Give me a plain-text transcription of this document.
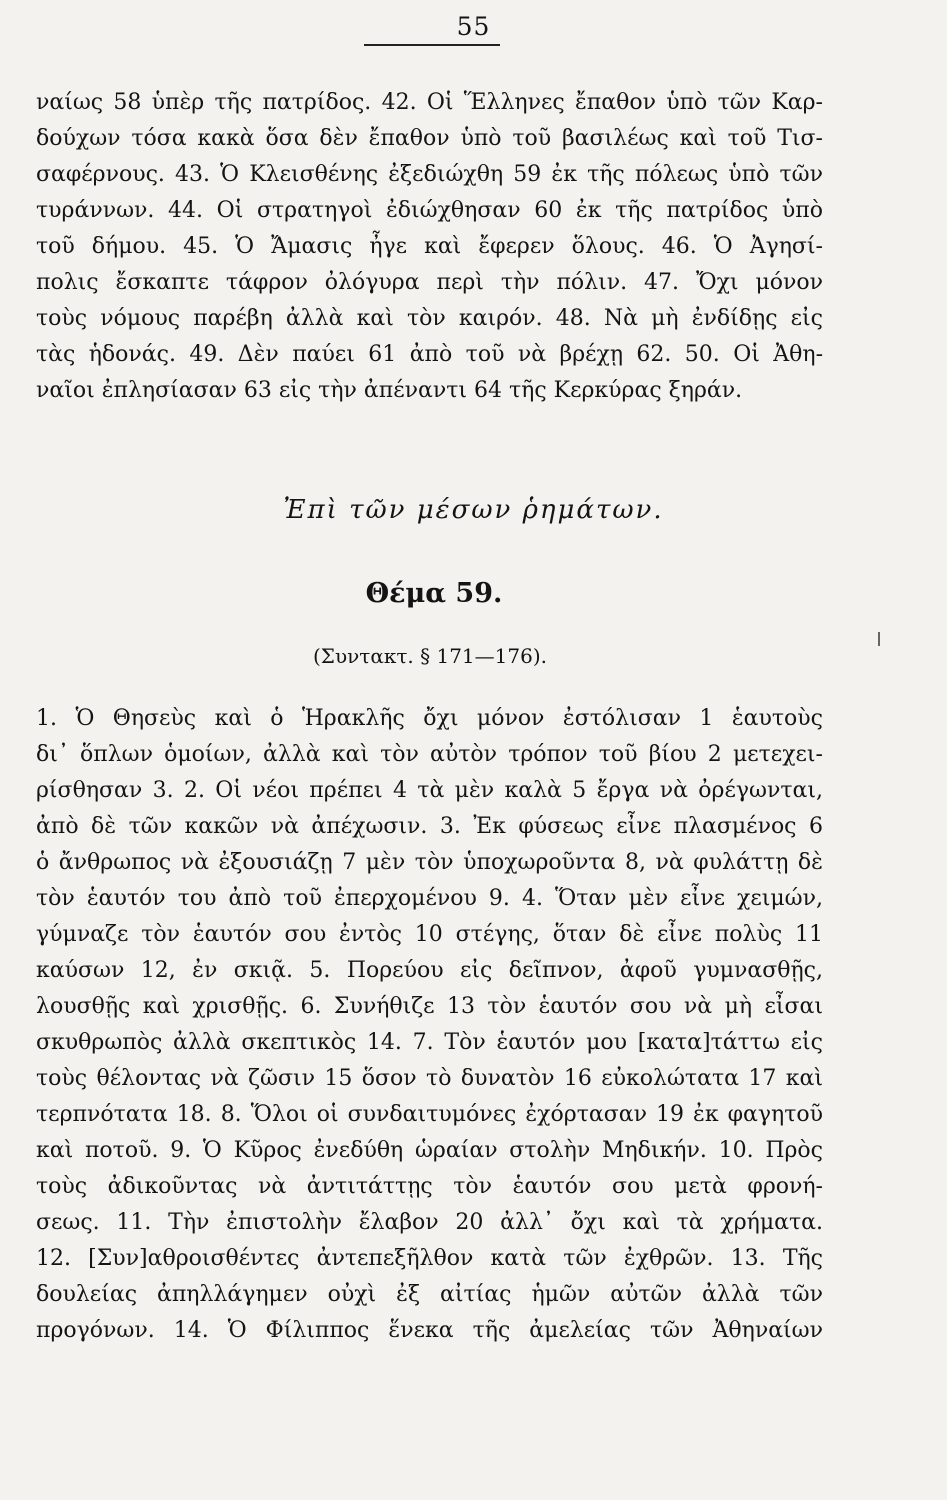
55
ναίως 58 ὑπὲρ τῆς πατρίδος. 42. Οἱ Ἕλληνες ἔπαθον ὑπὸ τῶν Καρ-
δούχων τόσα κακὰ ὅσα δὲν ἔπαθον ὑπὸ τοῦ βασιλέως καὶ τοῦ Τισ-
σαφέρνους. 43. Ὁ Κλεισθένης ἐξεδιώχθη 59 ἐκ τῆς πόλεως ὑπὸ τῶν
τυράννων. 44. Οἱ στρατηγοὶ ἐδιώχθησαν 60 ἐκ τῆς πατρίδος ὑπὸ
τοῦ δήμου. 45. Ὁ Ἄμασις ἦγε καὶ ἔφερεν ὅλους. 46. Ὁ Ἀγησί-
πολις ἔσκαπτε τάφρον ὀλόγυρα περὶ τὴν πόλιν. 47. Ὄχι μόνον
τοὺς νόμους παρέβη ἀλλὰ καὶ τὸν καιρόν. 48. Νὰ μὴ ἐνδίδῃς εἰς
τὰς ἡδονάς. 49. Δὲν παύει 61 ἀπὸ τοῦ νὰ βρέχῃ 62. 50. Οἱ Ἀθη-
ναῖοι ἐπλησίασαν 63 εἰς τὴν ἀπέναντι 64 τῆς Κερκύρας ξηράν.
Ἐπὶ τῶν μέσων ῥημάτων.
Θέμα 59.
(Συντακτ. § 171—176).
1. Ὁ Θησεὺς καὶ ὁ Ἡρακλῆς ὄχι μόνον ἐστόλισαν 1 ἑαυτοὺς
δι᾽ ὅπλων ὁμοίων, ἀλλὰ καὶ τὸν αὐτὸν τρόπον τοῦ βίου 2 μετεχει-
ρίσθησαν 3. 2. Οἱ νέοι πρέπει 4 τὰ μὲν καλὰ 5 ἔργα νὰ ὀρέγωνται,
ἀπὸ δὲ τῶν κακῶν νὰ ἀπέχωσιν. 3. Ἐκ φύσεως εἶνε πλασμένος 6
ὁ ἄνθρωπος νὰ ἐξουσιάζῃ 7 μὲν τὸν ὑποχωροῦντα 8, νὰ φυλάττῃ δὲ
τὸν ἑαυτόν του ἀπὸ τοῦ ἐπερχομένου 9. 4. Ὅταν μὲν εἶνε χειμών,
γύμναζε τὸν ἑαυτόν σου ἐντὸς 10 στέγης, ὅταν δὲ εἶνε πολὺς 11
καύσων 12, ἐν σκιᾷ. 5. Πορεύου εἰς δεῖπνον, ἀφοῦ γυμνασθῇς,
λουσθῇς καὶ χρισθῇς. 6. Συνήθιζε 13 τὸν ἑαυτόν σου νὰ μὴ εἶσαι
σκυθρωπὸς ἀλλὰ σκεπτικὸς 14. 7. Τὸν ἑαυτόν μου [κατα]τάττω εἰς
τοὺς θέλοντας νὰ ζῶσιν 15 ὅσον τὸ δυνατὸν 16 εὐκολώτατα 17 καὶ
τερπνότατα 18. 8. Ὅλοι οἱ συνδαιτυμόνες ἐχόρτασαν 19 ἐκ φαγητοῦ
καὶ ποτοῦ. 9. Ὁ Κῦρος ἐνεδύθη ὡραίαν στολὴν Μηδικήν. 10. Πρὸς
τοὺς ἀδικοῦντας νὰ ἀντιτάττῃς τὸν ἑαυτόν σου μετὰ φρονή-
σεως. 11. Τὴν ἐπιστολὴν ἔλαβον 20 ἀλλ᾽ ὄχι καὶ τὰ χρήματα.
12. [Συν]αθροισθέντες ἀντεπεξῆλθον κατὰ τῶν ἐχθρῶν. 13. Τῆς
δουλείας ἀπηλλάγημεν οὐχὶ ἐξ αἰτίας ἡμῶν αὐτῶν ἀλλὰ τῶν
προγόνων. 14. Ὁ Φίλιππος ἕνεκα τῆς ἀμελείας τῶν Ἀθηναίων
